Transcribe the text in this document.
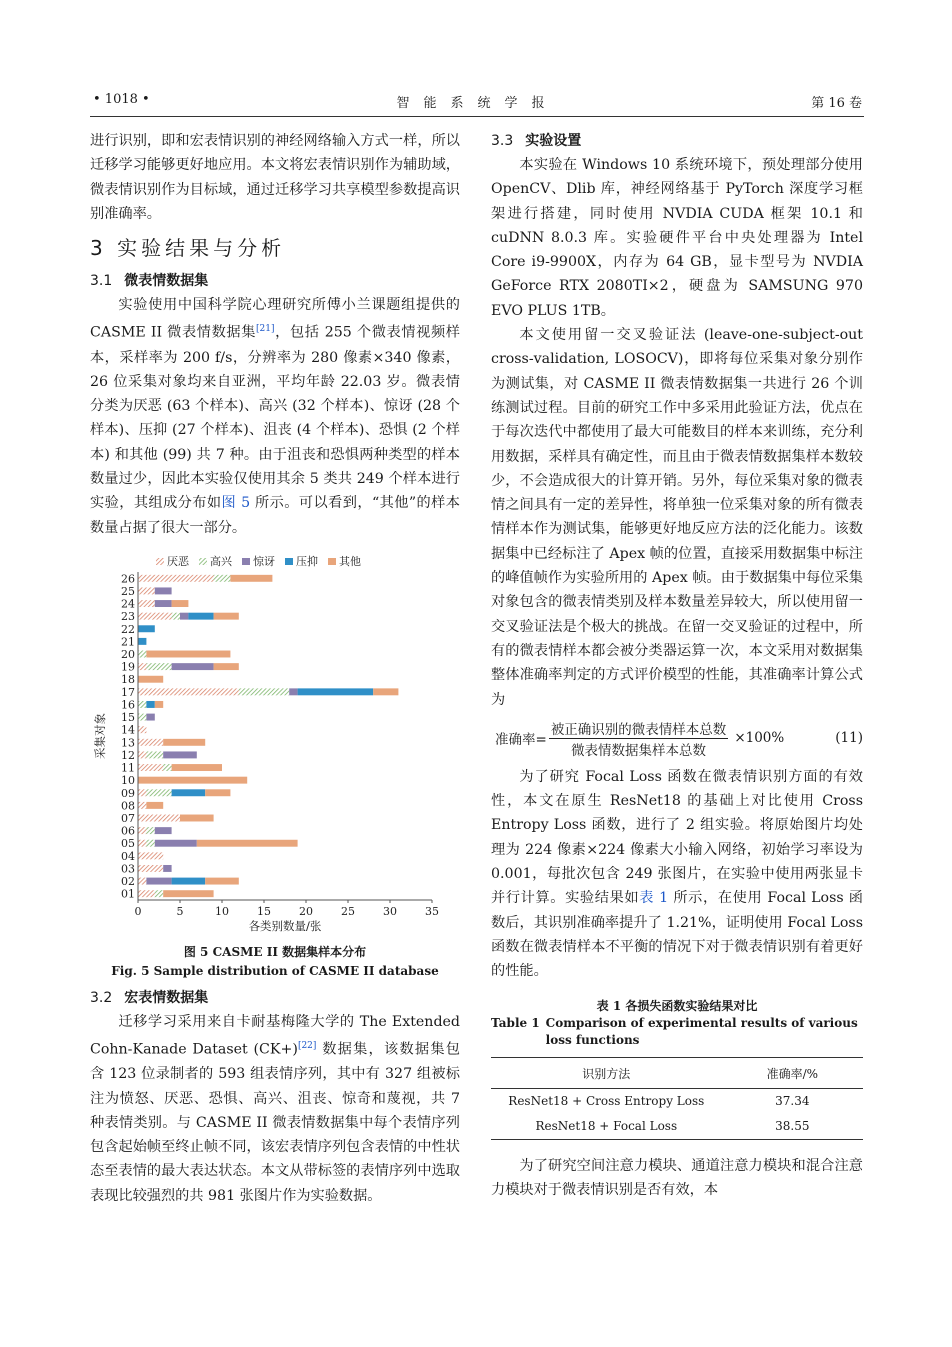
• 1018 •	智能系统学报	第 16 卷

进行识别，即和宏表情识别的神经网络输入方式一样，所以迁移学习能够更好地应用。本文将宏表情识别作为辅助域，微表情识别作为目标域，通过迁移学习共享模型参数提高识别准确率。

3 实验结果与分析
3.1 微表情数据集

实验使用中国科学院心理研究所傅小兰课题组提供的 CASME II 微表情数据集[21]，包括 255 个微表情视频样本，采样率为 200 f/s，分辨率为 280 像素×340 像素，26 位采集对象均来自亚洲，平均年龄 22.03 岁。微表情分类为厌恶 (63 个样本)、高兴 (32 个样本)、惊讶 (28 个样本)、压抑 (27 个样本)、沮丧 (4 个样本)、恐惧 (2 个样本) 和其他 (99) 共 7 种。由于沮丧和恐惧两种类型的样本数量过少，因此本实验仅使用其余 5 类共 249 个样本进行实验，其组成分布如图 5 所示。可以看到，“其他”的样本数量占据了很大一部分。

厌恶 高兴 惊讶 压抑 其他
01
02
03
04
05
06
07
08
09
10
11
12
13
14
15
16
17
18
19
20
21
22
23
24
25
26
0	5	10	15	20	25	30	35
各类别数量/张
采集对象
图 5 CASME II 数据集样本分布
Fig. 5 Sample distribution of CASME II database
3.2 宏表情数据集

迁移学习采用来自卡耐基梅隆大学的 The Extended Cohn-Kanade Dataset (CK+)[22] 数据集，该数据集包含 123 位录制者的 593 组表情序列，其中有 327 组被标注为愤怒、厌恶、恐惧、高兴、沮丧、惊奇和蔑视，共 7 种表情类别。与 CASME II 微表情数据集中每个表情序列包含起始帧至终止帧不同，该宏表情序列包含表情的中性状态至表情的最大表达状态。本文从带标签的表情序列中选取表现比较强烈的共 981 张图片作为实验数据。

3.3 实验设置

本实验在 Windows 10 系统环境下，预处理部分使用 OpenCV、Dlib 库，神经网络基于 PyTorch 深度学习框架进行搭建，同时使用 NVDIA CUDA 框架 10.1 和 cuDNN 8.0.3 库。实验硬件平台中央处理器为 Intel Core i9-9900X，内存为 64 GB，显卡型号为 NVDIA GeForce RTX 2080TI×2，硬盘为 SAMSUNG 970 EVO PLUS 1TB。

本文使用留一交叉验证法 (leave-one-subject-out cross-validation, LOSOCV)，即将每位采集对象分别作为测试集，对 CASME II 微表情数据集一共进行 26 个训练测试过程。目前的研究工作中多采用此验证方法，优点在于每次迭代中都使用了最大可能数目的样本来训练，充分利用数据，采样具有确定性，而且由于微表情数据集样本数较少，不会造成很大的计算开销。另外，每位采集对象的微表情之间具有一定的差异性，将单独一位采集对象的所有微表情样本作为测试集，能够更好地反应方法的泛化能力。该数据集中已经标注了 Apex 帧的位置，直接采用数据集中标注的峰值帧作为实验所用的 Apex 帧。由于数据集中每位采集对象包含的微表情类别及样本数量差异较大，所以使用留一交叉验证法是个极大的挑战。在留一交叉验证的过程中，所有的微表情样本都会被分类器运算一次，本文采用对数据集整体准确率判定的方式评价模型的性能，其准确率计算公式为

准确率= $\frac{\text{被正确识别的微表情样本总数}}{\text{微表情数据集样本总数}} \times 100\%$	(11)

为了研究 Focal Loss 函数在微表情识别方面的有效性，本文在原生 ResNet18 的基础上对比使用 Cross Entropy Loss 函数，进行了 2 组实验。将原始图片均处理为 224 像素×224 像素大小输入网络，初始学习率设为 0.001，每批次包含 249 张图片，在实验中使用两张显卡并行计算。实验结果如表 1 所示，在使用 Focal Loss 函数后，其识别准确率提升了 1.21%，证明使用 Focal Loss 函数在微表情样本不平衡的情况下对于微表情识别有着更好的性能。

表 1 各损失函数实验结果对比
Table 1 Comparison of experimental results of various loss functions
识别方法	准确率/%
ResNet18 + Cross Entropy Loss	37.34
ResNet18 + Focal Loss	38.55

为了研究空间注意力模块、通道注意力模块和混合注意力模块对于微表情识别是否有效，本
